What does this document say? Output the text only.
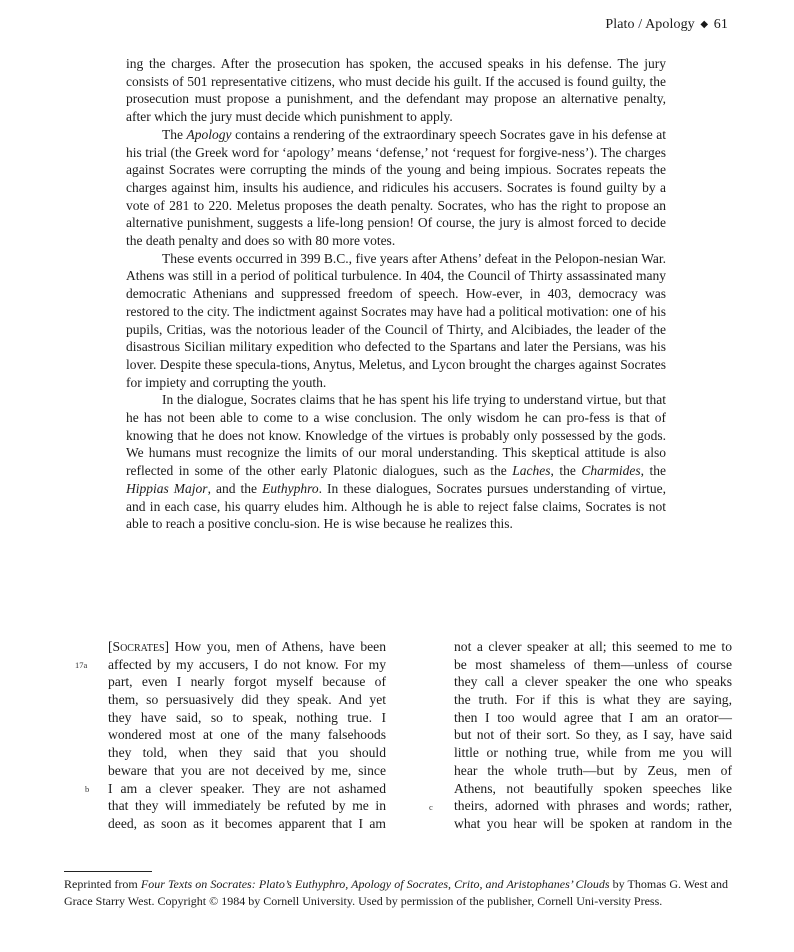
Plato / Apology ◆ 61

ing the charges. After the prosecution has spoken, the accused speaks in his defense. The jury consists of 501 representative citizens, who must decide his guilt. If the accused is found guilty, the prosecution must propose a punishment, and the defendant may propose an alternative penalty, after which the jury must decide which punishment to apply.

The Apology contains a rendering of the extraordinary speech Socrates gave in his defense at his trial (the Greek word for ‘apology’ means ‘defense,’ not ‘request for forgive-ness’). The charges against Socrates were corrupting the minds of the young and being impious. Socrates repeats the charges against him, insults his audience, and ridicules his accusers. Socrates is found guilty by a vote of 281 to 220. Meletus proposes the death penalty. Socrates, who has the right to propose an alternative punishment, suggests a life-long pension! Of course, the jury is almost forced to decide the death penalty and does so with 80 more votes.

These events occurred in 399 B.C., five years after Athens’ defeat in the Pelopon-nesian War. Athens was still in a period of political turbulence. In 404, the Council of Thirty assassinated many democratic Athenians and suppressed freedom of speech. How-ever, in 403, democracy was restored to the city. The indictment against Socrates may have had a political motivation: one of his pupils, Critias, was the notorious leader of the Council of Thirty, and Alcibiades, the leader of the disastrous Sicilian military expedition who defected to the Spartans and later the Persians, was his lover. Despite these specula-tions, Anytus, Meletus, and Lycon brought the charges against Socrates for impiety and corrupting the youth.

In the dialogue, Socrates claims that he has spent his life trying to understand virtue, but that he has not been able to come to a wise conclusion. The only wisdom he can pro-fess is that of knowing that he does not know. Knowledge of the virtues is probably only possessed by the gods. We humans must recognize the limits of our moral understanding. This skeptical attitude is also reflected in some of the other early Platonic dialogues, such as the Laches, the Charmides, the Hippias Major, and the Euthyphro. In these dialogues, Socrates pursues understanding of virtue, and in each case, his quarry eludes him. Although he is able to reject false claims, Socrates is not able to reach a positive conclu-sion. He is wise because he realizes this.

[Socrates] How you, men of Athens, have been
affected by my accusers, I do not know. For my
part, even I nearly forgot myself because of
them, so persuasively did they speak. And yet
they have said, so to speak, nothing true. I
wondered most at one of the many falsehoods
they told, when they said that you should
beware that you are not deceived by me, since
I am a clever speaker. They are not ashamed
that they will immediately be refuted by me in
deed, as soon as it becomes apparent that I am
not a clever speaker at all; this seemed to me to
be most shameless of them—unless of course
they call a clever speaker the one who speaks
the truth. For if this is what they are saying,
then I too would agree that I am an orator—
but not of their sort. So they, as I say, have said
little or nothing true, while from me you will
hear the whole truth—but by Zeus, men of
Athens, not beautifully spoken speeches like
theirs, adorned with phrases and words; rather,
what you hear will be spoken at random in the
17a
b
c

Reprinted from Four Texts on Socrates: Plato’s Euthyphro, Apology of Socrates, Crito, and Aristophanes’ Clouds by Thomas G. West and Grace Starry West. Copyright © 1984 by Cornell University. Used by permission of the publisher, Cornell Uni-versity Press.
